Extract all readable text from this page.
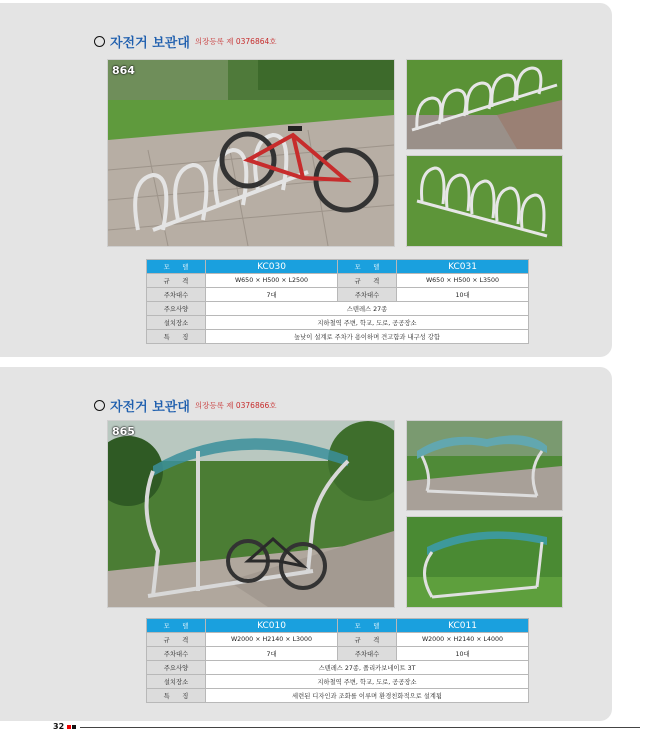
자전거 보관대 의장등록 제 0376864호
864
모　　델	KC030	모　　델	KC031
규　　격	W650 × H500 × L2500	규　　격	W650 × H500 × L3500
주차대수	7대	주차대수	10대
주요사양	스텐레스 27종		
설치장소	지하철역 주변, 학교, 도로, 공공장소		
특　　징	높낮이 설계로 주차가 용이하며 견고함과 내구성 강함		
자전거 보관대 의장등록 제 0376866호
865
모　　델	KC010	모　　델	KC011
규　　격	W2000 × H2140 × L3000	규　　격	W2000 × H2140 × L4000
주차대수	7대	주차대수	10대
주요사양	스텐레스 27종, 폴리카보네이트 3T		
설치장소	지하철역 주변, 학교, 도로, 공공장소		
특　　징	세련된 디자인과 조화를 이루며 환경친화적으로 설계됨		
32
